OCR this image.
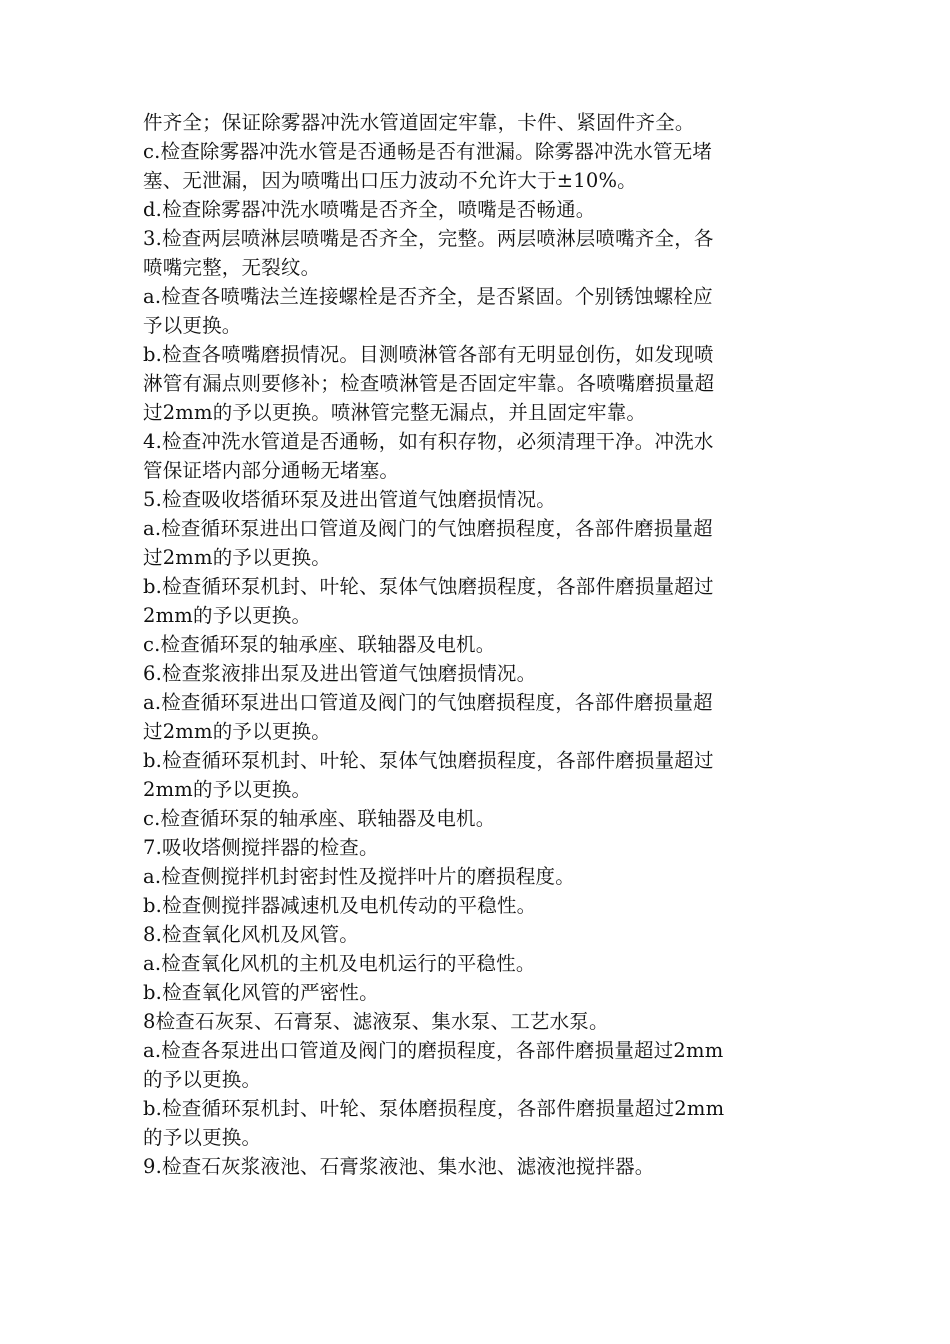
件齐全；保证除雾器冲洗水管道固定牢靠，卡件、紧固件齐全。
c.检查除雾器冲洗水管是否通畅是否有泄漏。除雾器冲洗水管无堵
塞、无泄漏，因为喷嘴出口压力波动不允许大于±10%。
d.检查除雾器冲洗水喷嘴是否齐全，喷嘴是否畅通。
3.检查两层喷淋层喷嘴是否齐全，完整。两层喷淋层喷嘴齐全，各
喷嘴完整，无裂纹。
a.检查各喷嘴法兰连接螺栓是否齐全，是否紧固。个别锈蚀螺栓应
予以更换。
b.检查各喷嘴磨损情况。目测喷淋管各部有无明显创伤，如发现喷
淋管有漏点则要修补；检查喷淋管是否固定牢靠。各喷嘴磨损量超
过2mm的予以更换。喷淋管完整无漏点，并且固定牢靠。
4.检查冲洗水管道是否通畅，如有积存物，必须清理干净。冲洗水
管保证塔内部分通畅无堵塞。
5.检查吸收塔循环泵及进出管道气蚀磨损情况。
a.检查循环泵进出口管道及阀门的气蚀磨损程度，各部件磨损量超
过2mm的予以更换。
b.检查循环泵机封、叶轮、泵体气蚀磨损程度，各部件磨损量超过
2mm的予以更换。
c.检查循环泵的轴承座、联轴器及电机。
6.检查浆液排出泵及进出管道气蚀磨损情况。
a.检查循环泵进出口管道及阀门的气蚀磨损程度，各部件磨损量超
过2mm的予以更换。
b.检查循环泵机封、叶轮、泵体气蚀磨损程度，各部件磨损量超过
2mm的予以更换。
c.检查循环泵的轴承座、联轴器及电机。
7.吸收塔侧搅拌器的检查。
a.检查侧搅拌机封密封性及搅拌叶片的磨损程度。
b.检查侧搅拌器减速机及电机传动的平稳性。
8.检查氧化风机及风管。
a.检查氧化风机的主机及电机运行的平稳性。
b.检查氧化风管的严密性。
8检查石灰泵、石膏泵、滤液泵、集水泵、工艺水泵。
a.检查各泵进出口管道及阀门的磨损程度，各部件磨损量超过2mm
的予以更换。
b.检查循环泵机封、叶轮、泵体磨损程度，各部件磨损量超过2mm
的予以更换。
9.检查石灰浆液池、石膏浆液池、集水池、滤液池搅拌器。
